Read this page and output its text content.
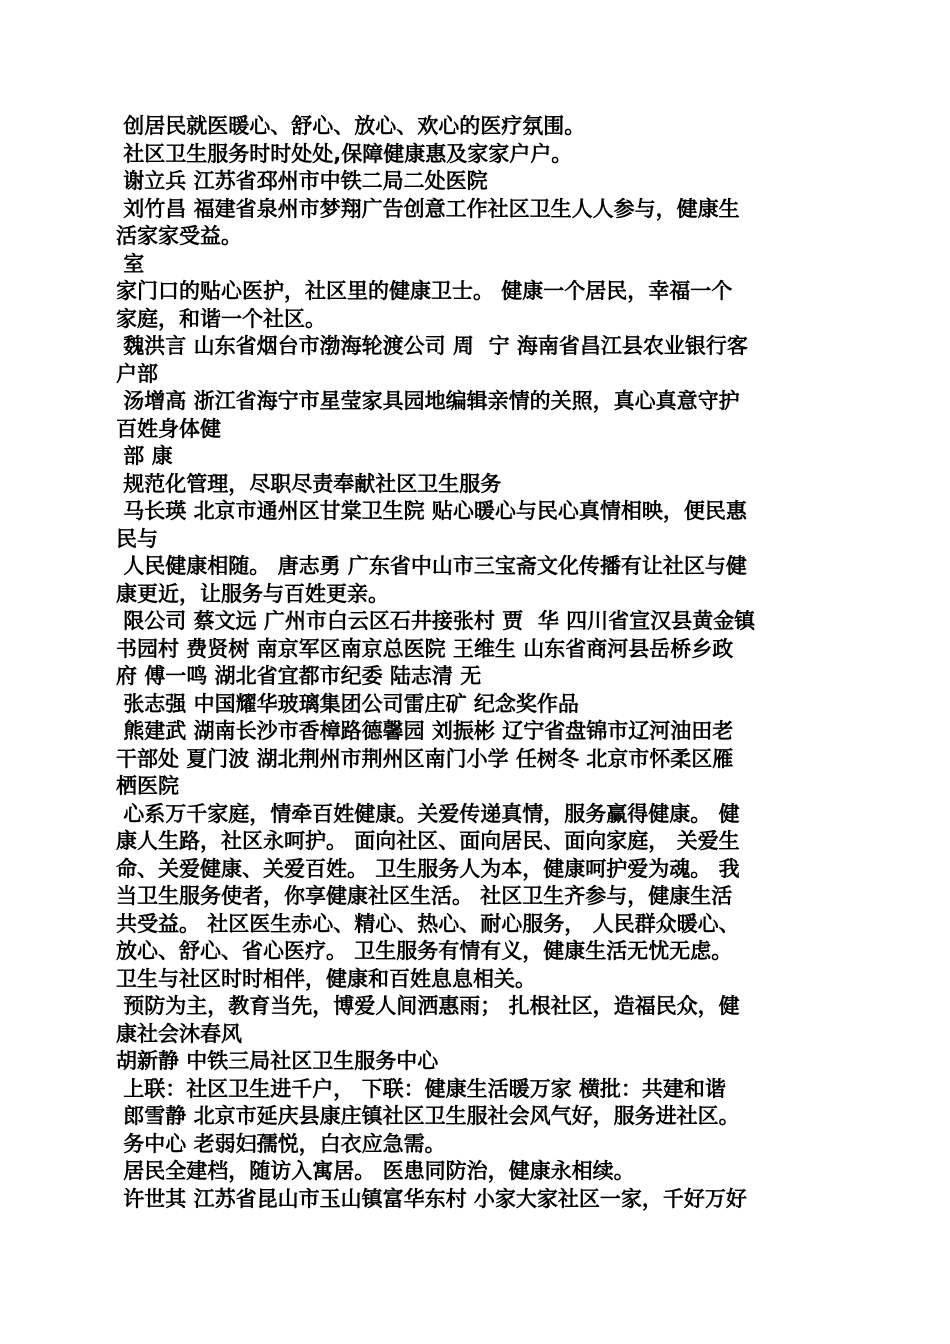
创居民就医暖心、舒心、放心、欢心的医疗氛围。
社区卫生服务时时处处,保障健康惠及家家户户。
谢立兵 江苏省邳州市中铁二局二处医院
刘竹昌 福建省泉州市梦翔广告创意工作社区卫生人人参与，健康生
活家家受益。
室
家门口的贴心医护，社区里的健康卫士。 健康一个居民，幸福一个
家庭，和谐一个社区。
魏洪言 山东省烟台市渤海轮渡公司 周  宁 海南省昌江县农业银行客
户部
汤增高 浙江省海宁市星莹家具园地编辑亲情的关照，真心真意守护
百姓身体健
部 康
规范化管理，尽职尽责奉献社区卫生服务
马长瑛 北京市通州区甘棠卫生院 贴心暖心与民心真情相映，便民惠
民与
人民健康相随。 唐志勇 广东省中山市三宝斋文化传播有让社区与健
康更近，让服务与百姓更亲。
限公司 蔡文远 广州市白云区石井接张村 贾  华 四川省宣汉县黄金镇
书园村 费贤树 南京军区南京总医院 王维生 山东省商河县岳桥乡政
府 傅一鸣 湖北省宜都市纪委 陆志清 无
张志强 中国耀华玻璃集团公司雷庄矿 纪念奖作品
熊建武 湖南长沙市香樟路德馨园 刘振彬 辽宁省盘锦市辽河油田老
干部处 夏门波 湖北荆州市荆州区南门小学 任树冬 北京市怀柔区雁
栖医院
心系万千家庭，情牵百姓健康。关爱传递真情，服务赢得健康。 健
康人生路，社区永呵护。 面向社区、面向居民、面向家庭， 关爱生
命、关爱健康、关爱百姓。 卫生服务人为本，健康呵护爱为魂。 我
当卫生服务使者，你享健康社区生活。 社区卫生齐参与，健康生活
共受益。 社区医生赤心、精心、热心、耐心服务， 人民群众暖心、
放心、舒心、省心医疗。 卫生服务有情有义，健康生活无忧无虑。
卫生与社区时时相伴，健康和百姓息息相关。
预防为主，教育当先，博爱人间洒惠雨； 扎根社区，造福民众，健
康社会沐春风
胡新静 中铁三局社区卫生服务中心
上联：社区卫生进千户， 下联：健康生活暖万家 横批：共建和谐
郎雪静 北京市延庆县康庄镇社区卫生服社会风气好，服务进社区。
务中心 老弱妇孺悦，白衣应急需。
居民全建档，随访入寓居。 医患同防治，健康永相续。
许世其 江苏省昆山市玉山镇富华东村 小家大家社区一家，千好万好
